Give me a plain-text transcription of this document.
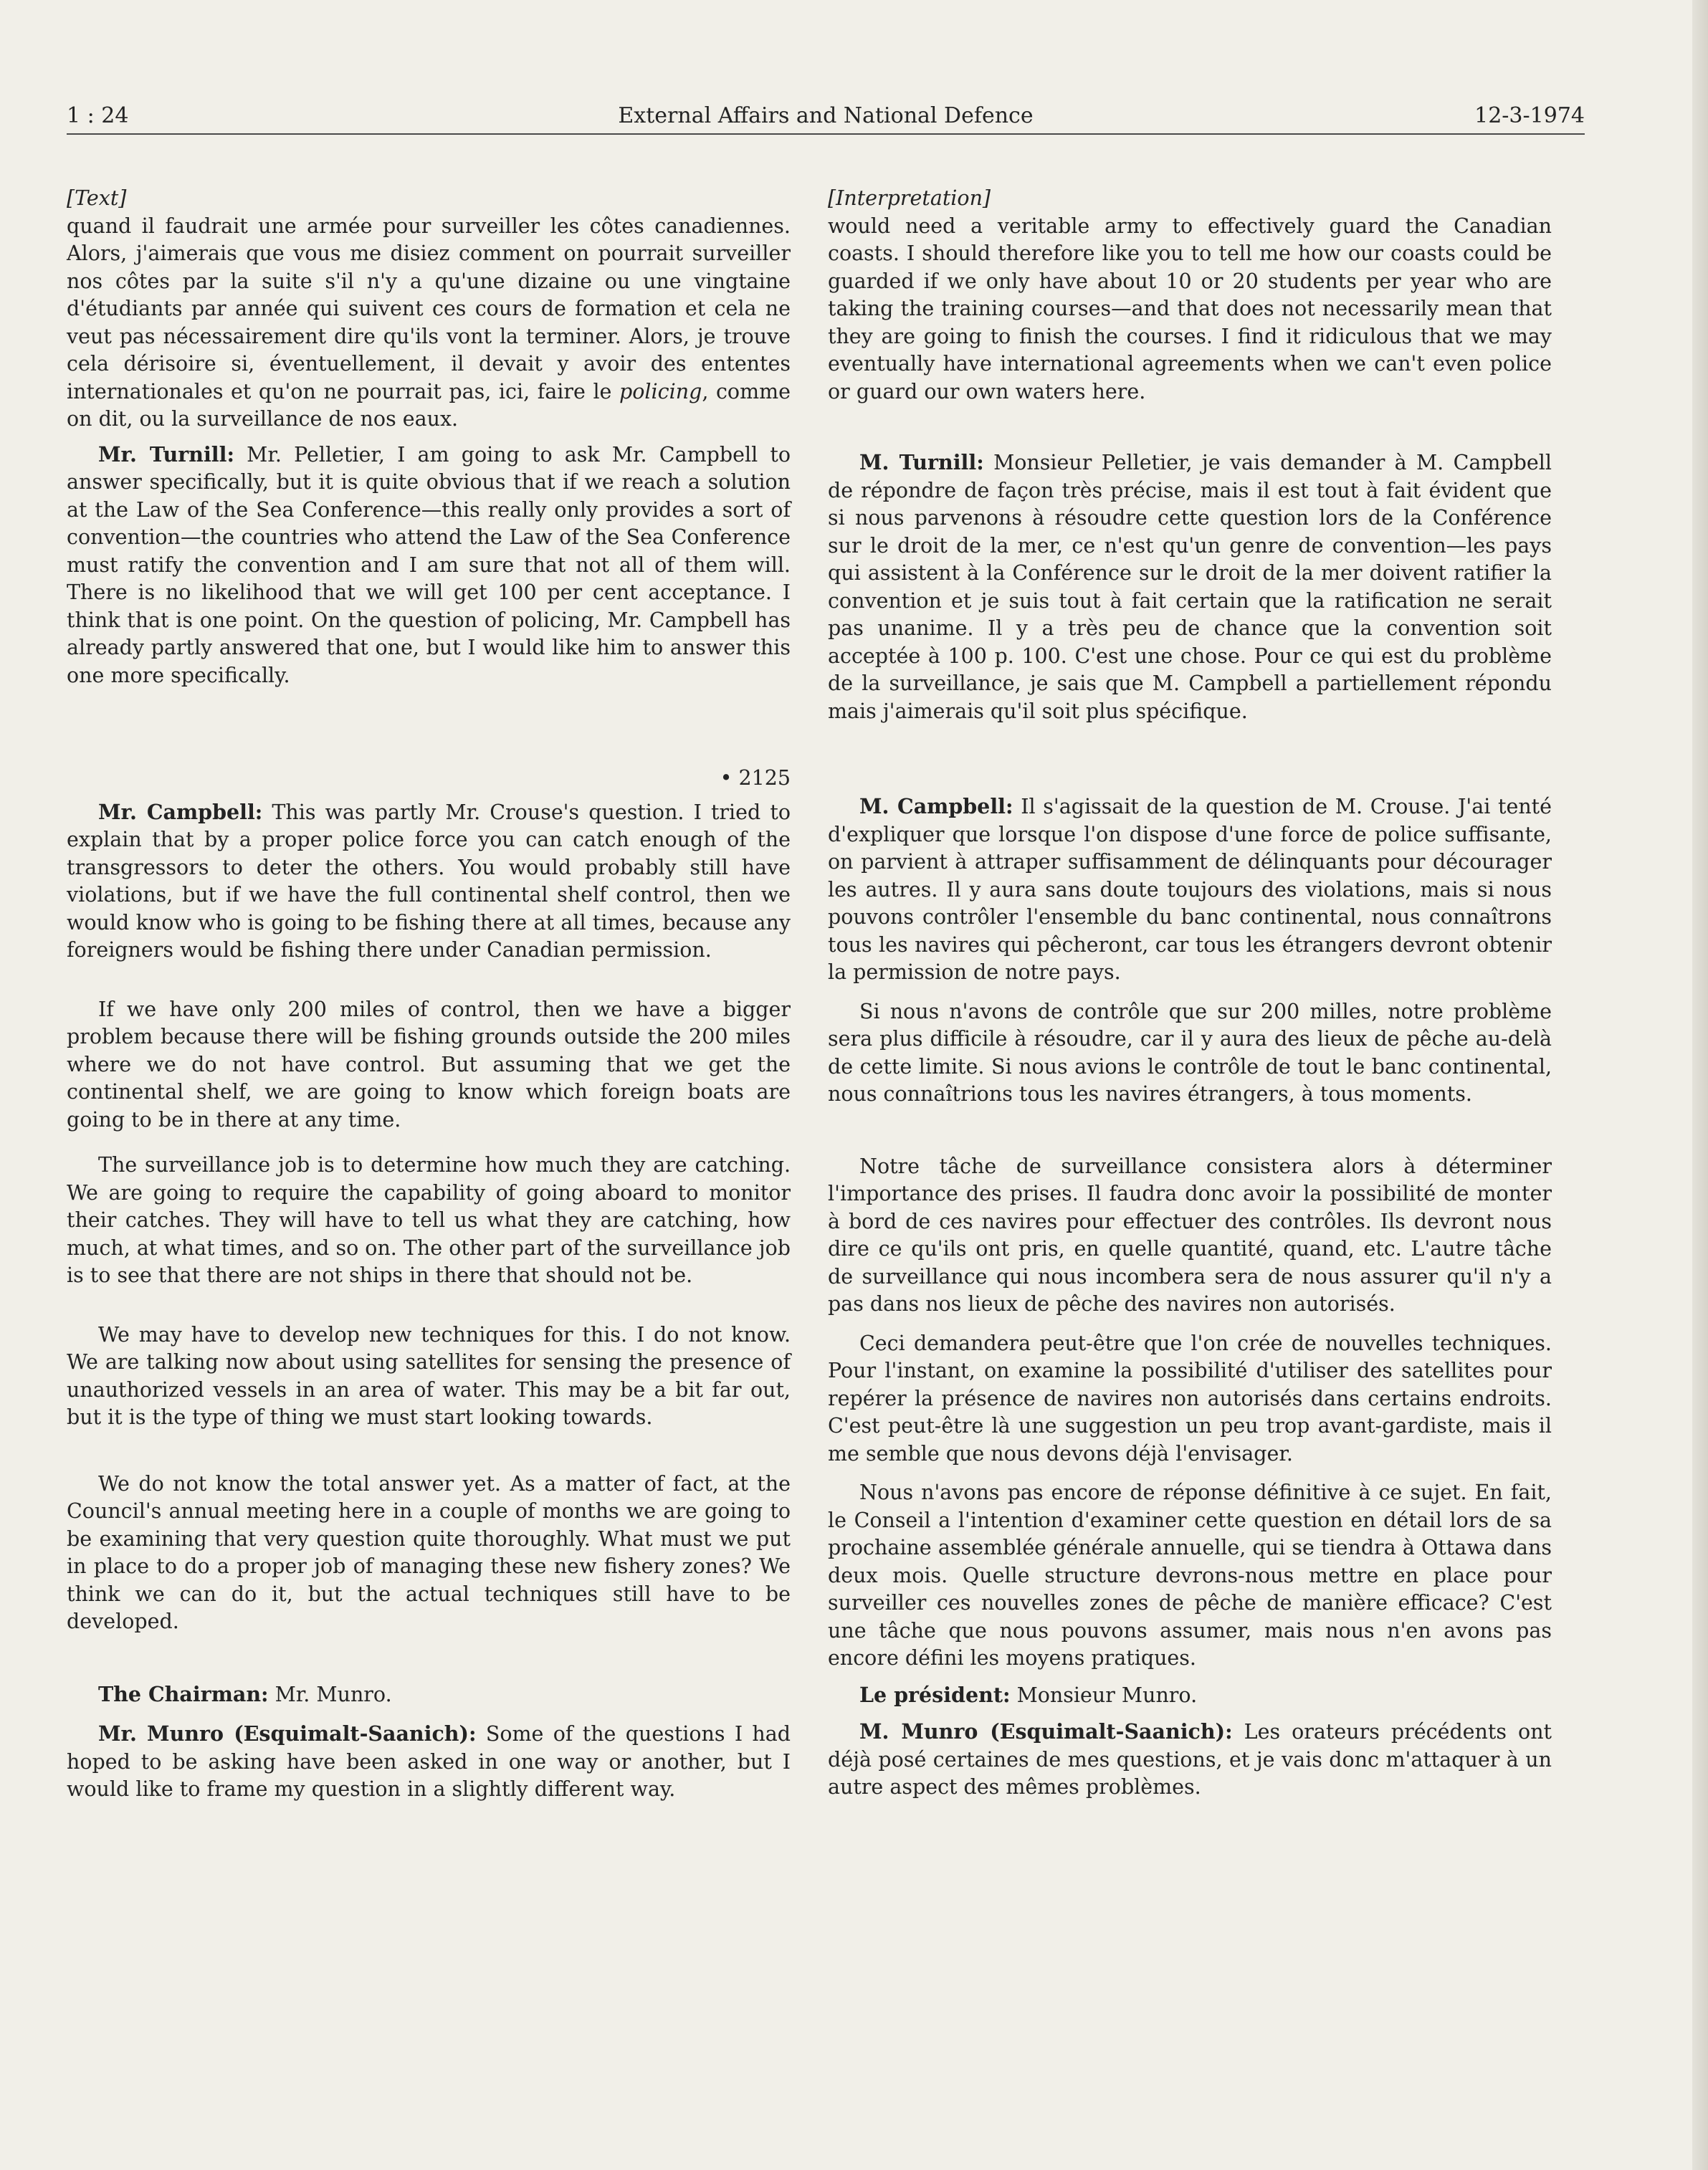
1 : 24	External Affairs and National Defence	12-3-1974

[Text]

quand il faudrait une armée pour surveiller les côtes canadiennes. Alors, j'aimerais que vous me disiez comment on pourrait surveiller nos côtes par la suite s'il n'y a qu'une dizaine ou une vingtaine d'étudiants par année qui suivent ces cours de formation et cela ne veut pas nécessairement dire qu'ils vont la terminer. Alors, je trouve cela dérisoire si, éventuellement, il devait y avoir des ententes internationales et qu'on ne pourrait pas, ici, faire le policing, comme on dit, ou la surveillance de nos eaux.

Mr. Turnill: Mr. Pelletier, I am going to ask Mr. Campbell to answer specifically, but it is quite obvious that if we reach a solution at the Law of the Sea Conference—this really only provides a sort of convention—the countries who attend the Law of the Sea Conference must ratify the convention and I am sure that not all of them will. There is no likelihood that we will get 100 per cent acceptance. I think that is one point. On the question of policing, Mr. Campbell has already partly answered that one, but I would like him to answer this one more specifically.

• 2125

Mr. Campbell: This was partly Mr. Crouse's question. I tried to explain that by a proper police force you can catch enough of the transgressors to deter the others. You would probably still have violations, but if we have the full continental shelf control, then we would know who is going to be fishing there at all times, because any foreigners would be fishing there under Canadian permission.

If we have only 200 miles of control, then we have a bigger problem because there will be fishing grounds outside the 200 miles where we do not have control. But assuming that we get the continental shelf, we are going to know which foreign boats are going to be in there at any time.

The surveillance job is to determine how much they are catching. We are going to require the capability of going aboard to monitor their catches. They will have to tell us what they are catching, how much, at what times, and so on. The other part of the surveillance job is to see that there are not ships in there that should not be.

We may have to develop new techniques for this. I do not know. We are talking now about using satellites for sensing the presence of unauthorized vessels in an area of water. This may be a bit far out, but it is the type of thing we must start looking towards.

We do not know the total answer yet. As a matter of fact, at the Council's annual meeting here in a couple of months we are going to be examining that very question quite thoroughly. What must we put in place to do a proper job of managing these new fishery zones? We think we can do it, but the actual techniques still have to be developed.

The Chairman: Mr. Munro.

Mr. Munro (Esquimalt-Saanich): Some of the questions I had hoped to be asking have been asked in one way or another, but I would like to frame my question in a slightly different way.

[Interpretation]

would need a veritable army to effectively guard the Canadian coasts. I should therefore like you to tell me how our coasts could be guarded if we only have about 10 or 20 students per year who are taking the training courses—and that does not necessarily mean that they are going to finish the courses. I find it ridiculous that we may eventually have international agreements when we can't even police or guard our own waters here.

M. Turnill: Monsieur Pelletier, je vais demander à M. Campbell de répondre de façon très précise, mais il est tout à fait évident que si nous parvenons à résoudre cette question lors de la Conférence sur le droit de la mer, ce n'est qu'un genre de convention—les pays qui assistent à la Conférence sur le droit de la mer doivent ratifier la convention et je suis tout à fait certain que la ratification ne serait pas unanime. Il y a très peu de chance que la convention soit acceptée à 100 p. 100. C'est une chose. Pour ce qui est du problème de la surveillance, je sais que M. Campbell a partiellement répondu mais j'aimerais qu'il soit plus spécifique.

M. Campbell: Il s'agissait de la question de M. Crouse. J'ai tenté d'expliquer que lorsque l'on dispose d'une force de police suffisante, on parvient à attraper suffisamment de délinquants pour décourager les autres. Il y aura sans doute toujours des violations, mais si nous pouvons contrôler l'ensemble du banc continental, nous connaîtrons tous les navires qui pêcheront, car tous les étrangers devront obtenir la permission de notre pays.

Si nous n'avons de contrôle que sur 200 milles, notre problème sera plus difficile à résoudre, car il y aura des lieux de pêche au-delà de cette limite. Si nous avions le contrôle de tout le banc continental, nous connaîtrions tous les navires étrangers, à tous moments.

Notre tâche de surveillance consistera alors à déterminer l'importance des prises. Il faudra donc avoir la possibilité de monter à bord de ces navires pour effectuer des contrôles. Ils devront nous dire ce qu'ils ont pris, en quelle quantité, quand, etc. L'autre tâche de surveillance qui nous incombera sera de nous assurer qu'il n'y a pas dans nos lieux de pêche des navires non autorisés.

Ceci demandera peut-être que l'on crée de nouvelles techniques. Pour l'instant, on examine la possibilité d'utiliser des satellites pour repérer la présence de navires non autorisés dans certains endroits. C'est peut-être là une suggestion un peu trop avant-gardiste, mais il me semble que nous devons déjà l'envisager.

Nous n'avons pas encore de réponse définitive à ce sujet. En fait, le Conseil a l'intention d'examiner cette question en détail lors de sa prochaine assemblée générale annuelle, qui se tiendra à Ottawa dans deux mois. Quelle structure devrons-nous mettre en place pour surveiller ces nouvelles zones de pêche de manière efficace? C'est une tâche que nous pouvons assumer, mais nous n'en avons pas encore défini les moyens pratiques.

Le président: Monsieur Munro.

M. Munro (Esquimalt-Saanich): Les orateurs précédents ont déjà posé certaines de mes questions, et je vais donc m'attaquer à un autre aspect des mêmes problèmes.
